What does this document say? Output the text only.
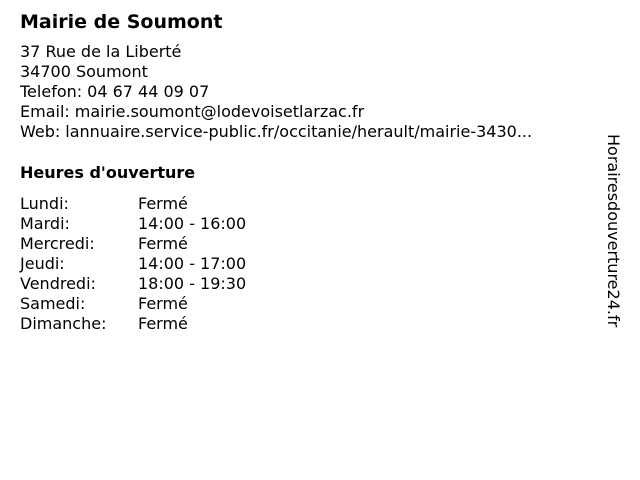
Mairie de Soumont
37 Rue de la Liberté
34700 Soumont
Telefon: 04 67 44 09 07
Email: mairie.soumont@lodevoisetlarzac.fr
Web: lannuaire.service-public.fr/occitanie/herault/mairie-3430...
Heures d'ouverture
Lundi:	Fermé
Mardi:	14:00 - 16:00
Mercredi:	Fermé
Jeudi:	14:00 - 17:00
Vendredi:	18:00 - 19:30
Samedi:	Fermé
Dimanche:	Fermé	Horairesdouverture24.fr
